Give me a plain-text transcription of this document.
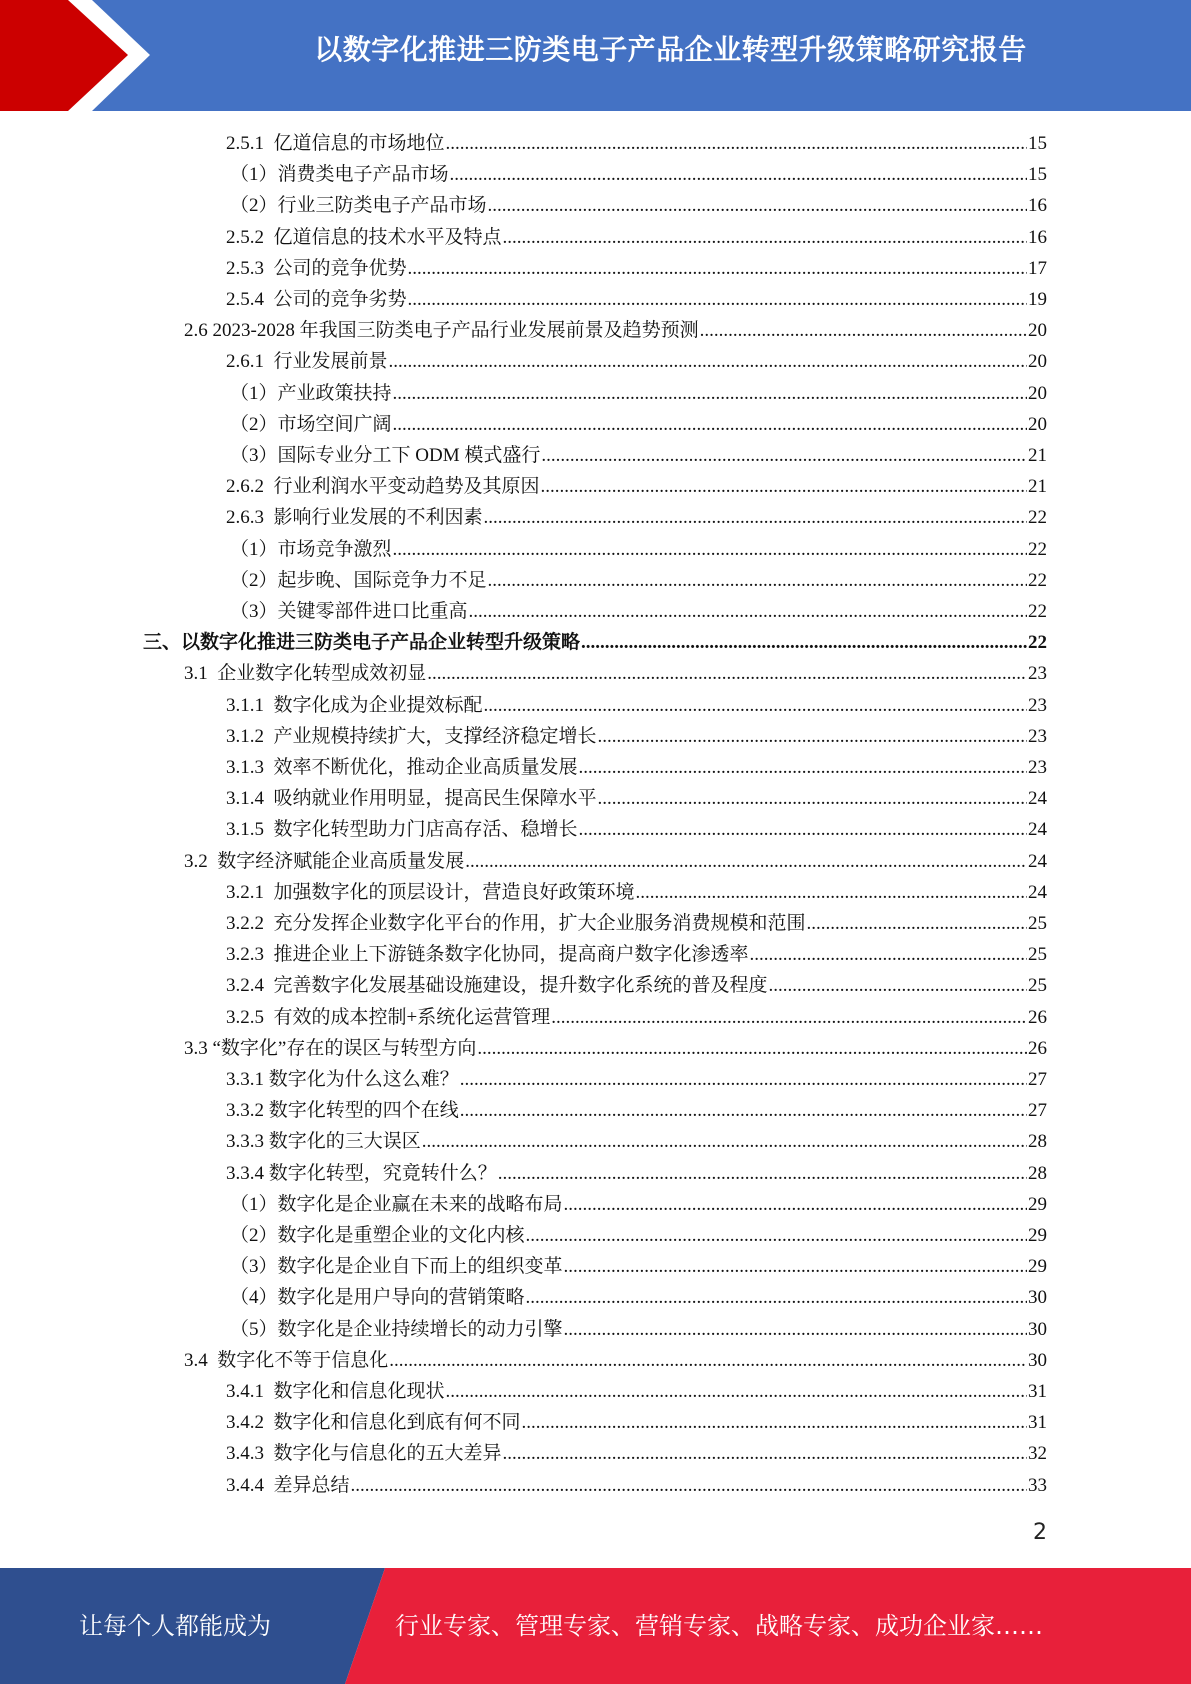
以数字化推进三防类电子产品企业转型升级策略研究报告
2.5.1  亿道信息的市场地位 .....	15
（1）消费类电子产品市场 .....	15
（2）行业三防类电子产品市场 .....	16
2.5.2  亿道信息的技术水平及特点 .....	16
2.5.3  公司的竞争优势 .....	17
2.5.4  公司的竞争劣势 .....	19
2.6 2023-2028 年我国三防类电子产品行业发展前景及趋势预测 .....	20
2.6.1  行业发展前景 .....	20
（1）产业政策扶持 .....	20
（2）市场空间广阔 .....	20
（3）国际专业分工下 ODM 模式盛行 .....	21
2.6.2  行业利润水平变动趋势及其原因 .....	21
2.6.3  影响行业发展的不利因素 .....	22
（1）市场竞争激烈 .....	22
（2）起步晚、国际竞争力不足 .....	22
（3）关键零部件进口比重高 .....	22
三、以数字化推进三防类电子产品企业转型升级策略 .....	22
3.1  企业数字化转型成效初显 .....	23
3.1.1  数字化成为企业提效标配 .....	23
3.1.2  产业规模持续扩大，支撑经济稳定增长 .....	23
3.1.3  效率不断优化，推动企业高质量发展 .....	23
3.1.4  吸纳就业作用明显，提高民生保障水平 .....	24
3.1.5  数字化转型助力门店高存活、稳增长 .....	24
3.2  数字经济赋能企业高质量发展 .....	24
3.2.1  加强数字化的顶层设计，营造良好政策环境 .....	24
3.2.2  充分发挥企业数字化平台的作用，扩大企业服务消费规模和范围 .....	25
3.2.3  推进企业上下游链条数字化协同，提高商户数字化渗透率 .....	25
3.2.4  完善数字化发展基础设施建设，提升数字化系统的普及程度 .....	25
3.2.5  有效的成本控制+系统化运营管理 .....	26
3.3 “数字化”存在的误区与转型方向 .....	26
3.3.1 数字化为什么这么难？ .....	27
3.3.2 数字化转型的四个在线 .....	27
3.3.3 数字化的三大误区 .....	28
3.3.4 数字化转型，究竟转什么？ .....	28
（1）数字化是企业赢在未来的战略布局 .....	29
（2）数字化是重塑企业的文化内核 .....	29
（3）数字化是企业自下而上的组织变革 .....	29
（4）数字化是用户导向的营销策略 .....	30
（5）数字化是企业持续增长的动力引擎 .....	30
3.4  数字化不等于信息化 .....	30
3.4.1  数字化和信息化现状 .....	31
3.4.2  数字化和信息化到底有何不同 .....	31
3.4.3  数字化与信息化的五大差异 .....	32
3.4.4  差异总结 .....	33
2
让每个人都能成为	行业专家、管理专家、营销专家、战略专家、成功企业家……
